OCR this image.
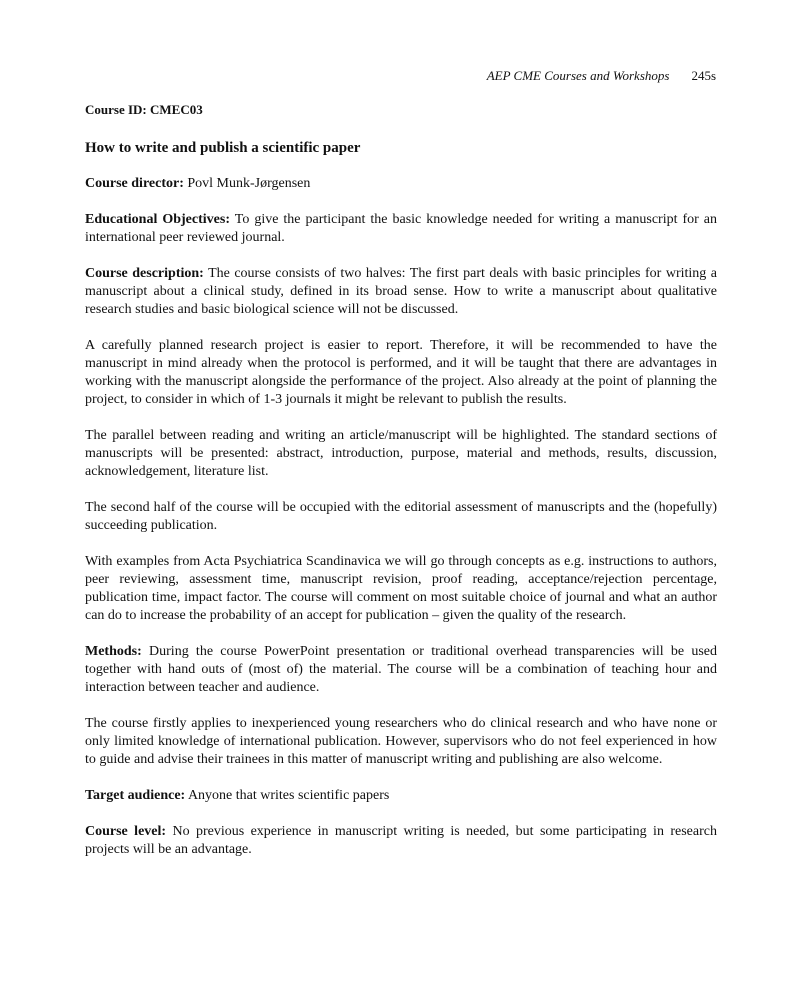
AEP CME Courses and Workshops 245s
Course ID: CMEC03
How to write and publish a scientific paper

Course director: Povl Munk-Jørgensen

Educational Objectives: To give the participant the basic knowledge needed for writing a manuscript for an international peer reviewed journal.

Course description: The course consists of two halves: The first part deals with basic principles for writing a manuscript about a clinical study, defined in its broad sense. How to write a manuscript about qualitative research studies and basic biological science will not be discussed.

A carefully planned research project is easier to report. Therefore, it will be recommended to have the manuscript in mind already when the protocol is performed, and it will be taught that there are advantages in working with the manuscript alongside the performance of the project. Also already at the point of planning the project, to consider in which of 1-3 journals it might be relevant to publish the results.

The parallel between reading and writing an article/manuscript will be highlighted. The standard sections of manuscripts will be presented: abstract, introduction, purpose, material and methods, results, discussion, acknowledgement, literature list.

The second half of the course will be occupied with the editorial assessment of manuscripts and the (hopefully) succeeding publication.

With examples from Acta Psychiatrica Scandinavica we will go through concepts as e.g. instructions to authors, peer reviewing, assessment time, manuscript revision, proof reading, acceptance/rejection percentage, publication time, impact factor. The course will comment on most suitable choice of journal and what an author can do to increase the probability of an accept for publication – given the quality of the research.

Methods: During the course PowerPoint presentation or traditional overhead transparencies will be used together with hand outs of (most of) the material. The course will be a combination of teaching hour and interaction between teacher and audience.

The course firstly applies to inexperienced young researchers who do clinical research and who have none or only limited knowledge of international publication. However, supervisors who do not feel experienced in how to guide and advise their trainees in this matter of manuscript writing and publishing are also welcome.

Target audience: Anyone that writes scientific papers

Course level: No previous experience in manuscript writing is needed, but some participating in research projects will be an advantage.
